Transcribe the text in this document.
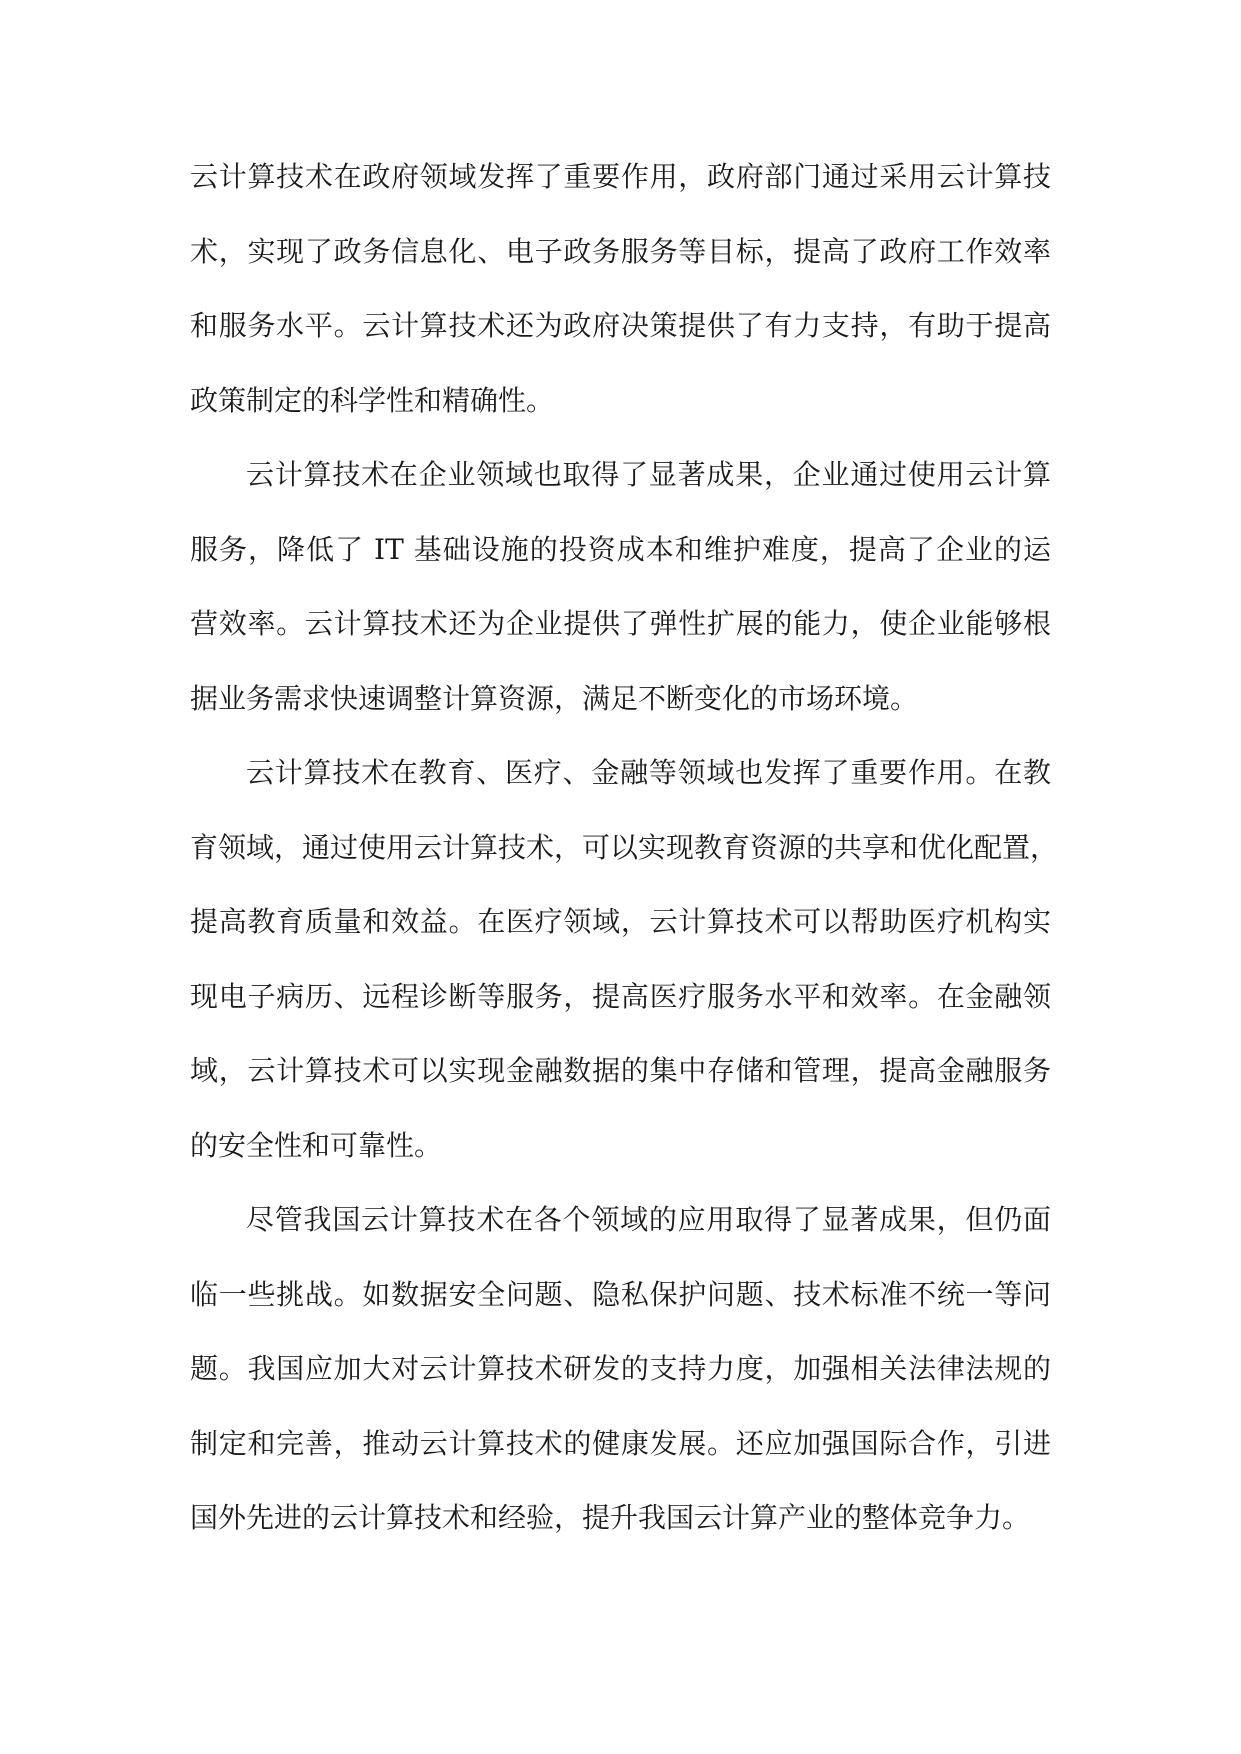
云计算技术在政府领域发挥了重要作用，政府部门通过采用云计算技
术，实现了政务信息化、电子政务服务等目标，提高了政府工作效率
和服务水平。云计算技术还为政府决策提供了有力支持，有助于提高
政策制定的科学性和精确性。

云计算技术在企业领域也取得了显著成果，企业通过使用云计算
服务，降低了 IT 基础设施的投资成本和维护难度，提高了企业的运
营效率。云计算技术还为企业提供了弹性扩展的能力，使企业能够根
据业务需求快速调整计算资源，满足不断变化的市场环境。

云计算技术在教育、医疗、金融等领域也发挥了重要作用。在教
育领域，通过使用云计算技术，可以实现教育资源的共享和优化配置，
提高教育质量和效益。在医疗领域，云计算技术可以帮助医疗机构实
现电子病历、远程诊断等服务，提高医疗服务水平和效率。在金融领
域，云计算技术可以实现金融数据的集中存储和管理，提高金融服务
的安全性和可靠性。

尽管我国云计算技术在各个领域的应用取得了显著成果，但仍面
临一些挑战。如数据安全问题、隐私保护问题、技术标准不统一等问
题。我国应加大对云计算技术研发的支持力度，加强相关法律法规的
制定和完善，推动云计算技术的健康发展。还应加强国际合作，引进
国外先进的云计算技术和经验，提升我国云计算产业的整体竞争力。
